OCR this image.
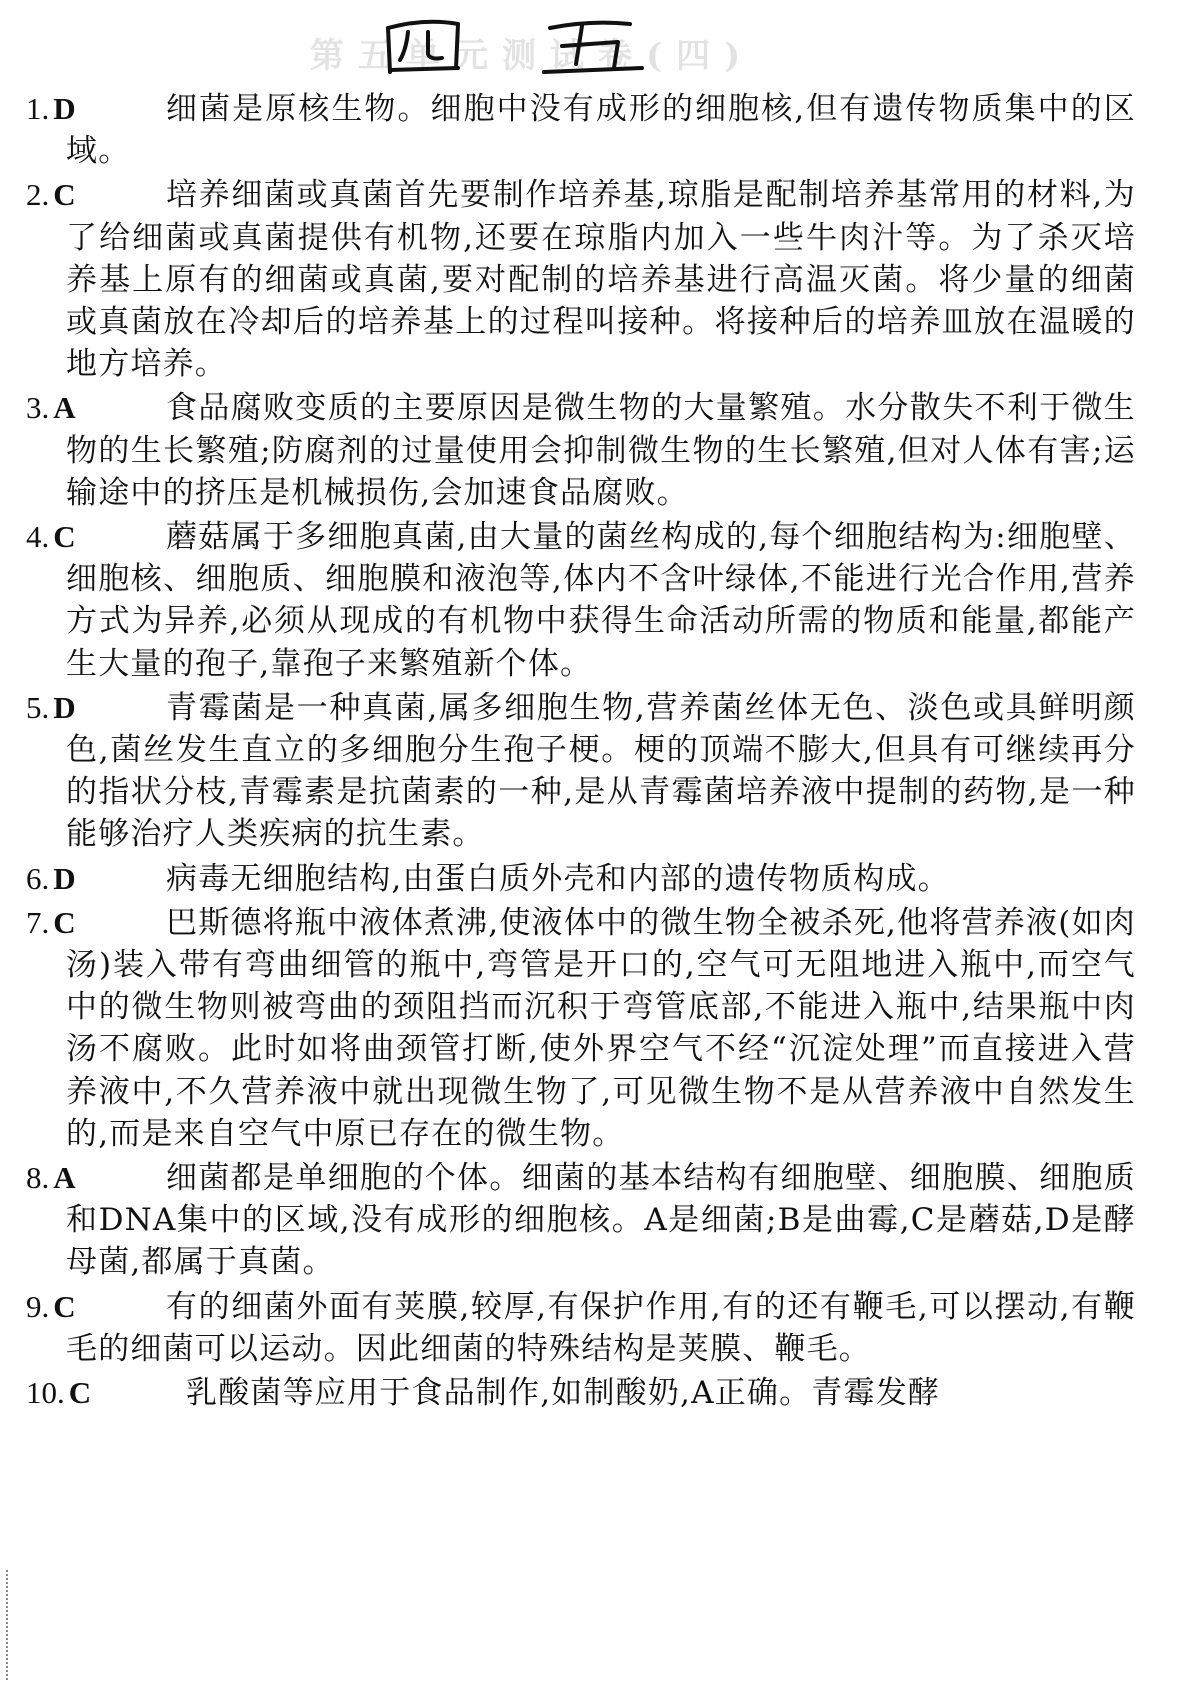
第五单元测试卷(四)
1. D	细菌是原核生物。细胞中没有成形的细胞核,但有遗传物质集中的区域。

2. C	培养细菌或真菌首先要制作培养基,琼脂是配制培养基常用的材料,为了给细菌或真菌提供有机物,还要在琼脂内加入一些牛肉汁等。为了杀灭培养基上原有的细菌或真菌,要对配制的培养基进行高温灭菌。将少量的细菌或真菌放在冷却后的培养基上的过程叫接种。将接种后的培养皿放在温暖的地方培养。

3. A	食品腐败变质的主要原因是微生物的大量繁殖。水分散失不利于微生物的生长繁殖;防腐剂的过量使用会抑制微生物的生长繁殖,但对人体有害;运输途中的挤压是机械损伤,会加速食品腐败。

4. C	蘑菇属于多细胞真菌,由大量的菌丝构成的,每个细胞结构为:细胞壁、细胞核、细胞质、细胞膜和液泡等,体内不含叶绿体,不能进行光合作用,营养方式为异养,必须从现成的有机物中获得生命活动所需的物质和能量,都能产生大量的孢子,靠孢子来繁殖新个体。

5. D	青霉菌是一种真菌,属多细胞生物,营养菌丝体无色、淡色或具鲜明颜色,菌丝发生直立的多细胞分生孢子梗。梗的顶端不膨大,但具有可继续再分的指状分枝,青霉素是抗菌素的一种,是从青霉菌培养液中提制的药物,是一种能够治疗人类疾病的抗生素。

6. D	病毒无细胞结构,由蛋白质外壳和内部的遗传物质构成。

7. C	巴斯德将瓶中液体煮沸,使液体中的微生物全被杀死,他将营养液(如肉汤)装入带有弯曲细管的瓶中,弯管是开口的,空气可无阻地进入瓶中,而空气中的微生物则被弯曲的颈阻挡而沉积于弯管底部,不能进入瓶中,结果瓶中肉汤不腐败。此时如将曲颈管打断,使外界空气不经“沉淀处理”而直接进入营养液中,不久营养液中就出现微生物了,可见微生物不是从营养液中自然发生的,而是来自空气中原已存在的微生物。

8. A	细菌都是单细胞的个体。细菌的基本结构有细胞壁、细胞膜、细胞质和DNA集中的区域,没有成形的细胞核。A是细菌;B是曲霉,C是蘑菇,D是酵母菌,都属于真菌。

9. C	有的细菌外面有荚膜,较厚,有保护作用,有的还有鞭毛,可以摆动,有鞭毛的细菌可以运动。因此细菌的特殊结构是荚膜、鞭毛。

10. C	乳酸菌等应用于食品制作,如制酸奶,A正确。青霉发酵
